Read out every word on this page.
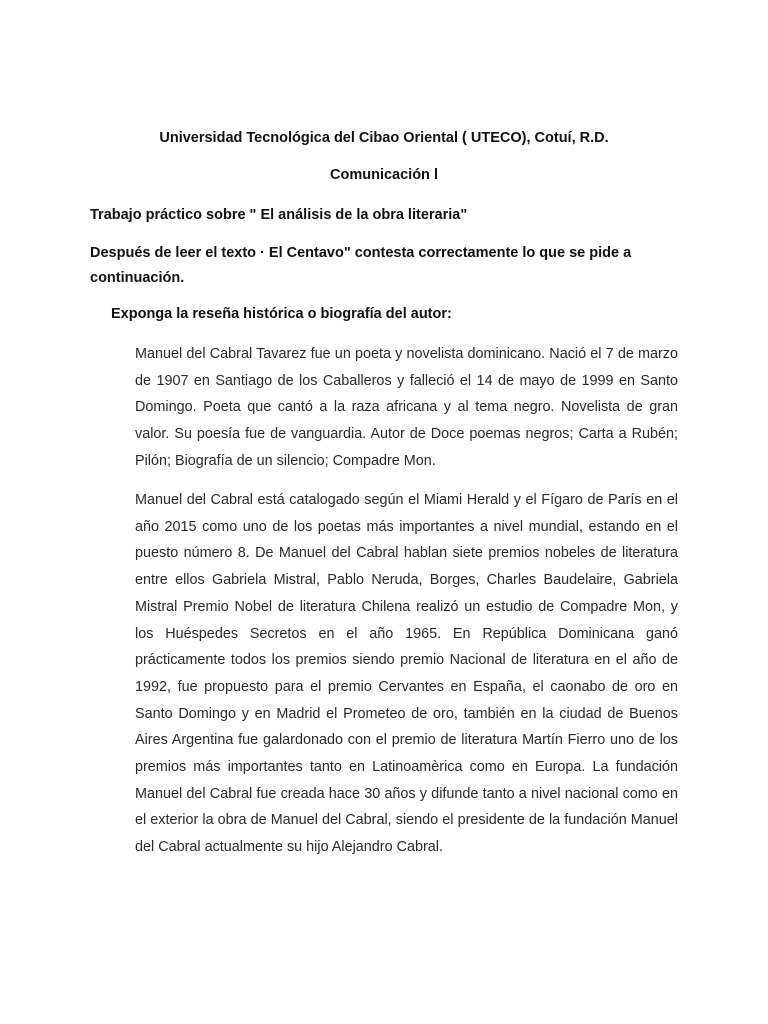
Universidad Tecnológica del Cibao Oriental ( UTECO), Cotuí, R.D.

Comunicación l

Trabajo práctico sobre " El análisis de la obra literaria"

Después de leer el texto · El Centavo" contesta correctamente lo que se pide a continuación.

Exponga la reseña histórica o biografía del autor:

Manuel del Cabral Tavarez fue un poeta y novelista dominicano. Nació el 7 de marzo de 1907 en Santiago de los Caballeros y falleció el 14 de mayo de 1999 en Santo Domingo. Poeta que cantó a la raza africana y al tema negro. Novelista de gran valor. Su poesía fue de vanguardia. Autor de Doce poemas negros; Carta a Rubén; Pilón; Biografía de un silencio; Compadre Mon.

Manuel del Cabral está catalogado según el Miami Herald y el Fígaro de París en el año 2015 como uno de los poetas más importantes a nivel mundial, estando en el puesto número 8. De Manuel del Cabral hablan siete premios nobeles de literatura entre ellos Gabriela Mistral, Pablo Neruda, Borges, Charles Baudelaire, Gabriela Mistral Premio Nobel de literatura Chilena realizó un estudio de Compadre Mon, y los Huéspedes Secretos en el año 1965. En República Dominicana ganó prácticamente todos los premios siendo premio Nacional de literatura en el año de 1992, fue propuesto para el premio Cervantes en España, el caonabo de oro en Santo Domingo y en Madrid el Prometeo de oro, también en la ciudad de Buenos Aires Argentina fue galardonado con el premio de literatura Martín Fierro uno de los premios más importantes tanto en Latinoamèrica como en Europa. La fundación Manuel del Cabral fue creada hace 30 años y difunde tanto a nivel nacional como en el exterior la obra de Manuel del Cabral, siendo el presidente de la fundación Manuel del Cabral actualmente su hijo Alejandro Cabral.
